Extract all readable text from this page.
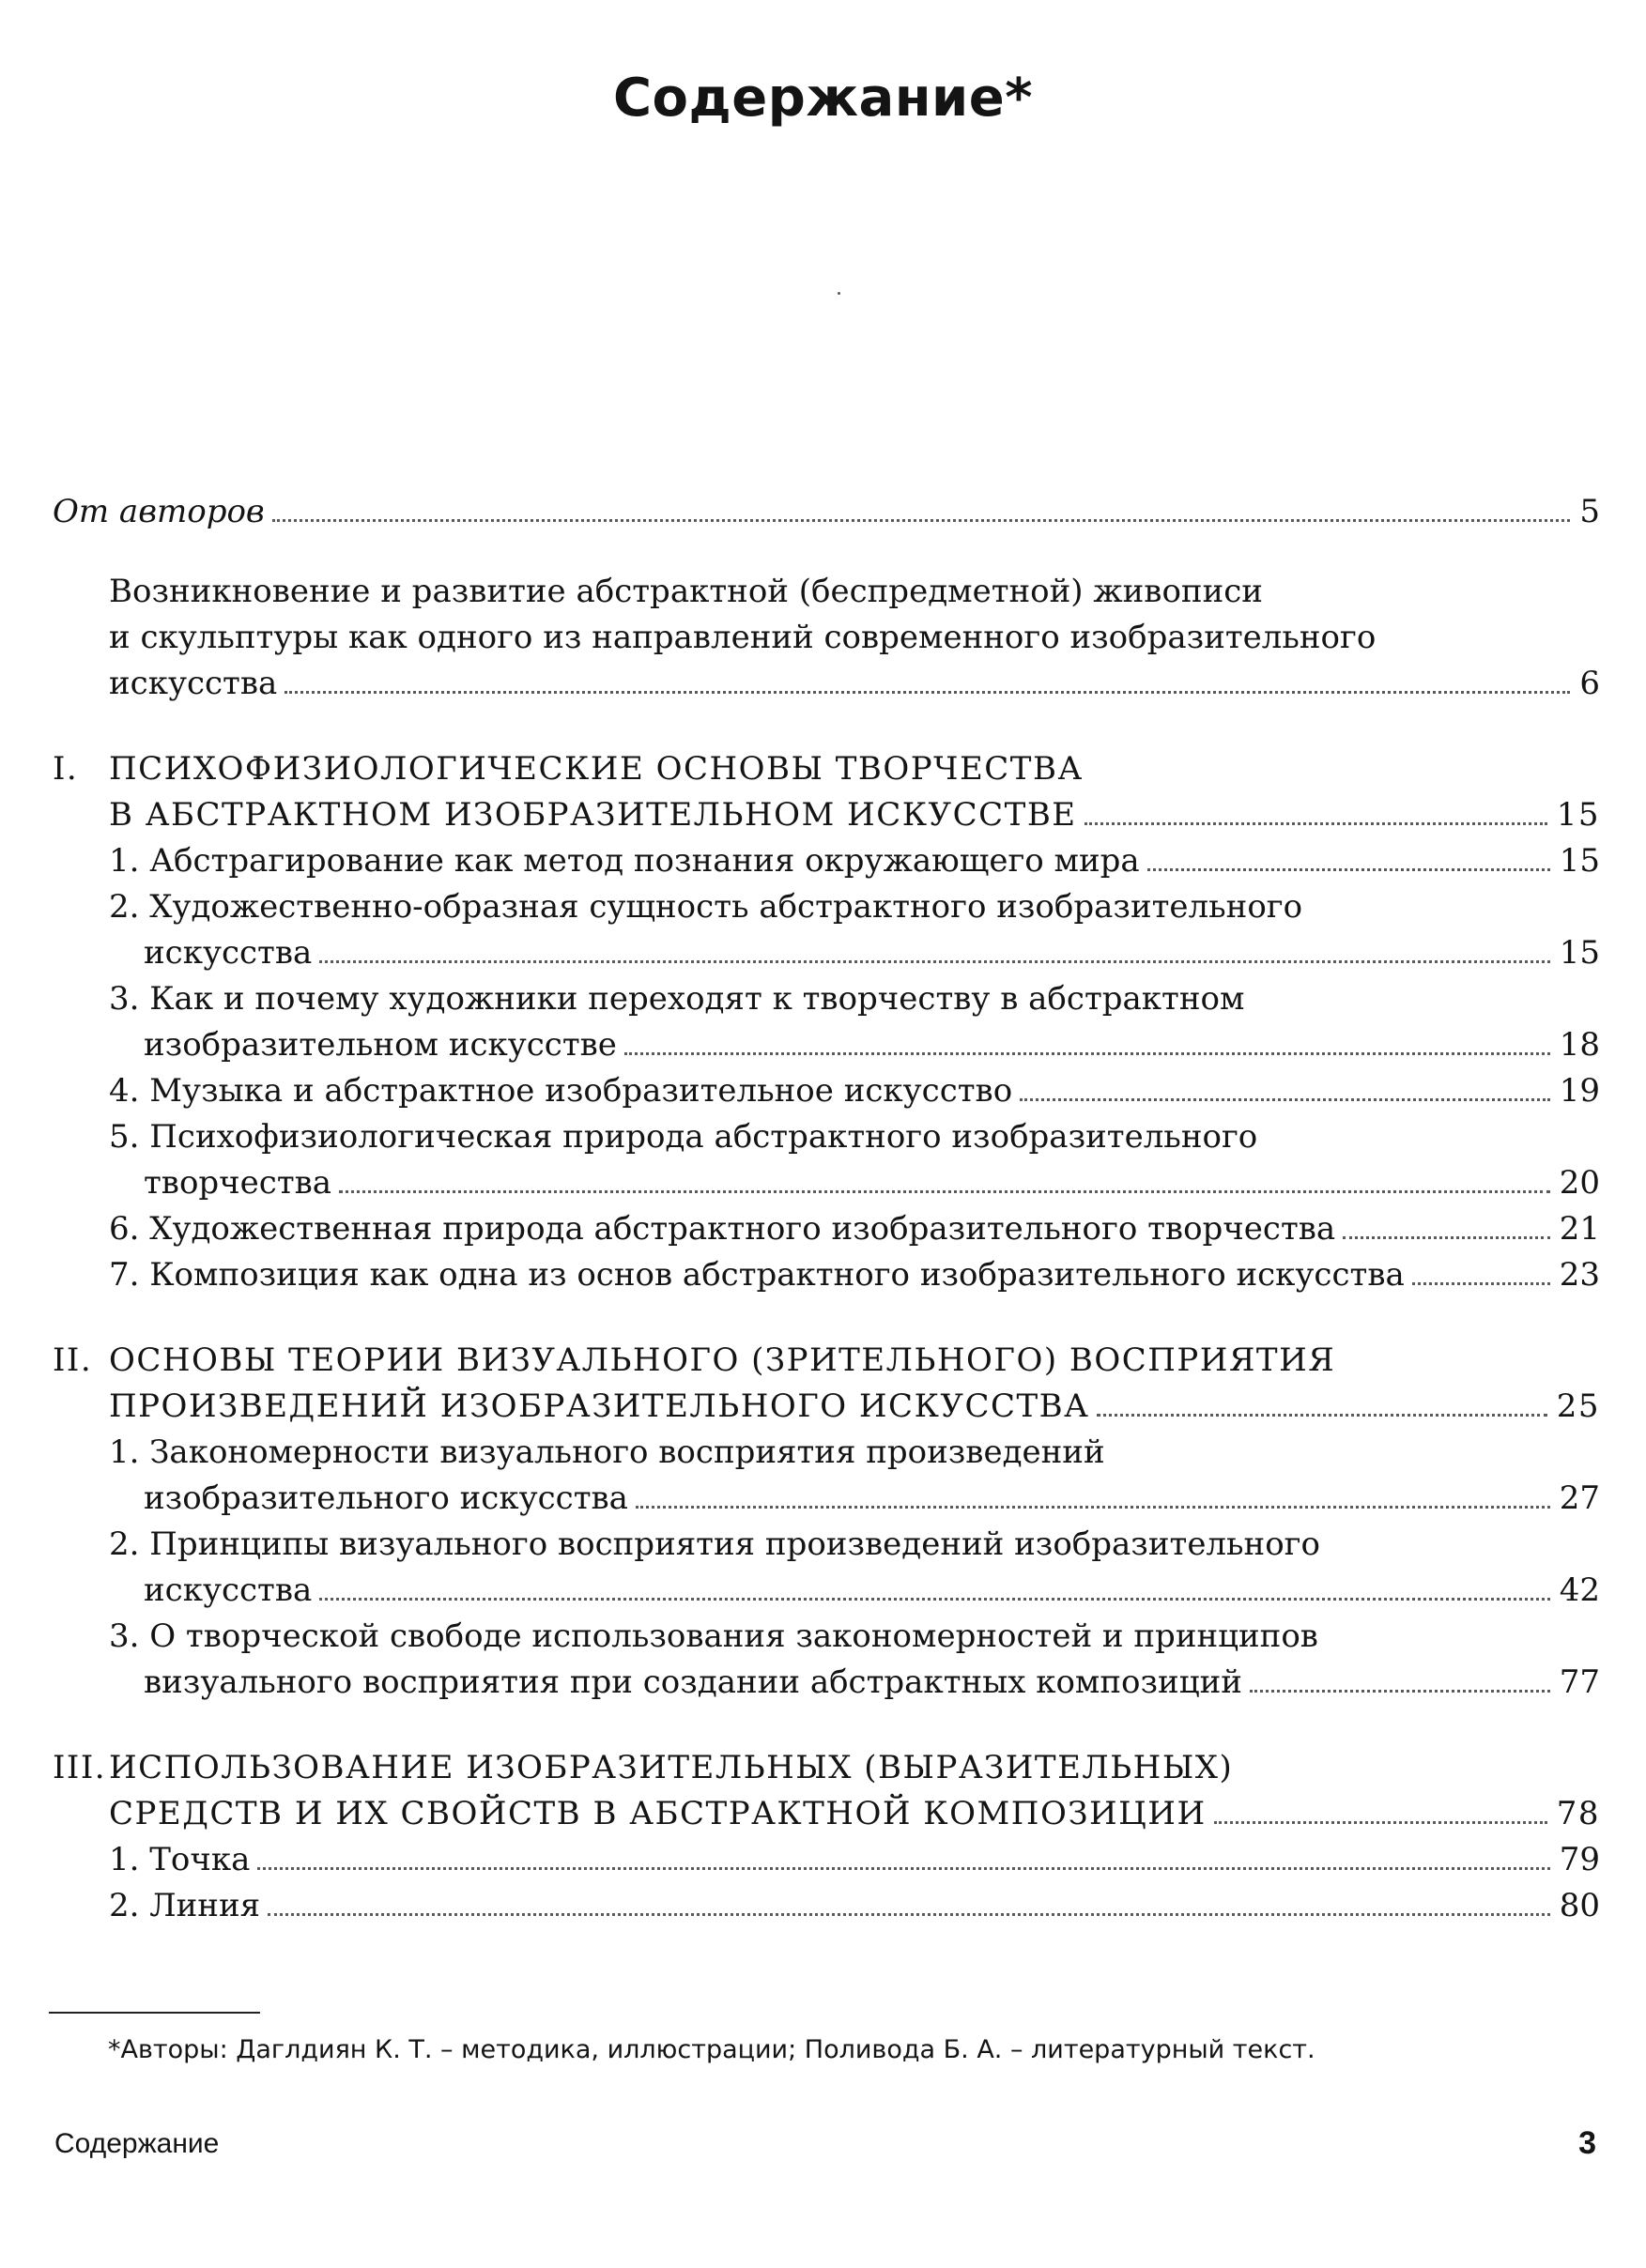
Содержание*
От авторов	5
Возникновение и развитие абстрактной (беспредметной) живописи
и скульптуры как одного из направлений современного изобразительного
искусства	6
I. ПСИХОФИЗИОЛОГИЧЕСКИЕ ОСНОВЫ ТВОРЧЕСТВА
В АБСТРАКТНОМ ИЗОБРАЗИТЕЛЬНОМ ИСКУССТВЕ	15
1. Абстрагирование как метод познания окружающего мира	15
2. Художественно-образная сущность абстрактного изобразительного
искусства	15
3. Как и почему художники переходят к творчеству в абстрактном
изобразительном искусстве	18
4. Музыка и абстрактное изобразительное искусство	19
5. Психофизиологическая природа абстрактного изобразительного
творчества	20
6. Художественная природа абстрактного изобразительного творчества	21
7. Композиция как одна из основ абстрактного изобразительного искусства	23
II. ОСНОВЫ ТЕОРИИ ВИЗУАЛЬНОГО (ЗРИТЕЛЬНОГО) ВОСПРИЯТИЯ
ПРОИЗВЕДЕНИЙ ИЗОБРАЗИТЕЛЬНОГО ИСКУССТВА	25
1. Закономерности визуального восприятия произведений
изобразительного искусства	27
2. Принципы визуального восприятия произведений изобразительного
искусства	42
3. О творческой свободе использования закономерностей и принципов
визуального восприятия при создании абстрактных композиций	77
III. ИСПОЛЬЗОВАНИЕ ИЗОБРАЗИТЕЛЬНЫХ (ВЫРАЗИТЕЛЬНЫХ)
СРЕДСТВ И ИХ СВОЙСТВ В АБСТРАКТНОЙ КОМПОЗИЦИИ	78
1. Точка	79
2. Линия	80
*Авторы: Даглдиян К. Т. – методика, иллюстрации; Поливода Б. А. – литературный текст.
Содержание	3
